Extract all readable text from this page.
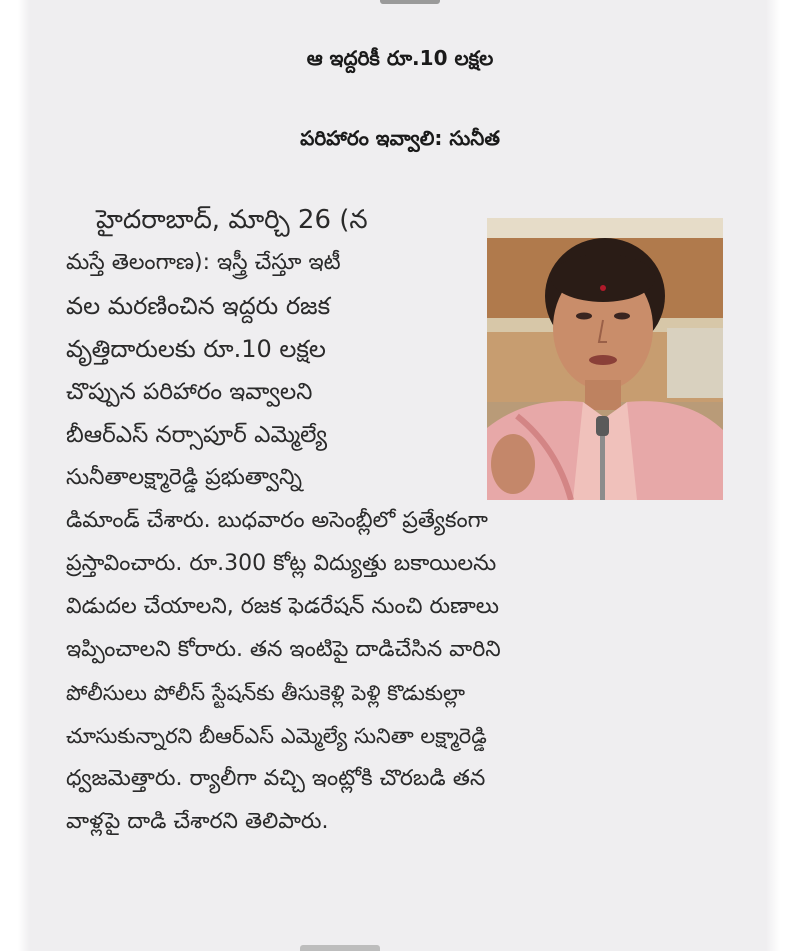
ఆ ఇద్దరికీ రూ.10 లక్షల
పరిహారం ఇవ్వాలి: సునీత
హైదరాబాద్, మార్చి 26 (న
మస్తే తెలంగాణ): ఇస్త్రీ చేస్తూ ఇటీ
వల మరణించిన ఇద్దరు రజక
వృత్తిదారులకు రూ.10 లక్షల
చొప్పున పరిహారం ఇవ్వాలని
బీఆర్ఎస్ నర్సాపూర్ ఎమ్మెల్యే
సునీతాలక్ష్మారెడ్డి ప్రభుత్వాన్ని
డిమాండ్ చేశారు. బుధవారం అసెంబ్లీలో ప్రత్యేకంగా
ప్రస్తావించారు. రూ.300 కోట్ల విద్యుత్తు బకాయిలను
విడుదల చేయాలని, రజక ఫెడరేషన్ నుంచి రుణాలు
ఇప్పించాలని కోరారు. తన ఇంటిపై దాడిచేసిన వారిని
పోలీసులు పోలీస్ స్టేషన్‌కు తీసుకెళ్లి పెళ్లి కొడుకుల్లా
చూసుకున్నారని బీఆర్ఎస్ ఎమ్మెల్యే సునితా లక్ష్మారెడ్డి
ధ్వజమెత్తారు. ర్యాలీగా వచ్చి ఇంట్లోకి చొరబడి తన
వాళ్లపై దాడి చేశారని తెలిపారు.
